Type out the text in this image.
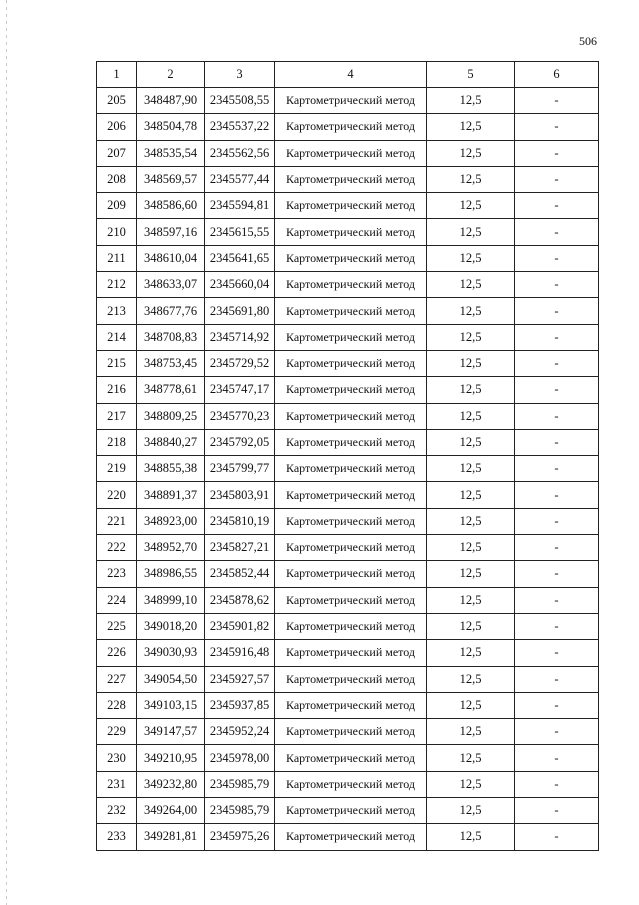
506
1	2	3	4	5	6
205	348487,90	2345508,55	Картометрический метод	12,5	-
206	348504,78	2345537,22	Картометрический метод	12,5	-
207	348535,54	2345562,56	Картометрический метод	12,5	-
208	348569,57	2345577,44	Картометрический метод	12,5	-
209	348586,60	2345594,81	Картометрический метод	12,5	-
210	348597,16	2345615,55	Картометрический метод	12,5	-
211	348610,04	2345641,65	Картометрический метод	12,5	-
212	348633,07	2345660,04	Картометрический метод	12,5	-
213	348677,76	2345691,80	Картометрический метод	12,5	-
214	348708,83	2345714,92	Картометрический метод	12,5	-
215	348753,45	2345729,52	Картометрический метод	12,5	-
216	348778,61	2345747,17	Картометрический метод	12,5	-
217	348809,25	2345770,23	Картометрический метод	12,5	-
218	348840,27	2345792,05	Картометрический метод	12,5	-
219	348855,38	2345799,77	Картометрический метод	12,5	-
220	348891,37	2345803,91	Картометрический метод	12,5	-
221	348923,00	2345810,19	Картометрический метод	12,5	-
222	348952,70	2345827,21	Картометрический метод	12,5	-
223	348986,55	2345852,44	Картометрический метод	12,5	-
224	348999,10	2345878,62	Картометрический метод	12,5	-
225	349018,20	2345901,82	Картометрический метод	12,5	-
226	349030,93	2345916,48	Картометрический метод	12,5	-
227	349054,50	2345927,57	Картометрический метод	12,5	-
228	349103,15	2345937,85	Картометрический метод	12,5	-
229	349147,57	2345952,24	Картометрический метод	12,5	-
230	349210,95	2345978,00	Картометрический метод	12,5	-
231	349232,80	2345985,79	Картометрический метод	12,5	-
232	349264,00	2345985,79	Картометрический метод	12,5	-
233	349281,81	2345975,26	Картометрический метод	12,5	-
